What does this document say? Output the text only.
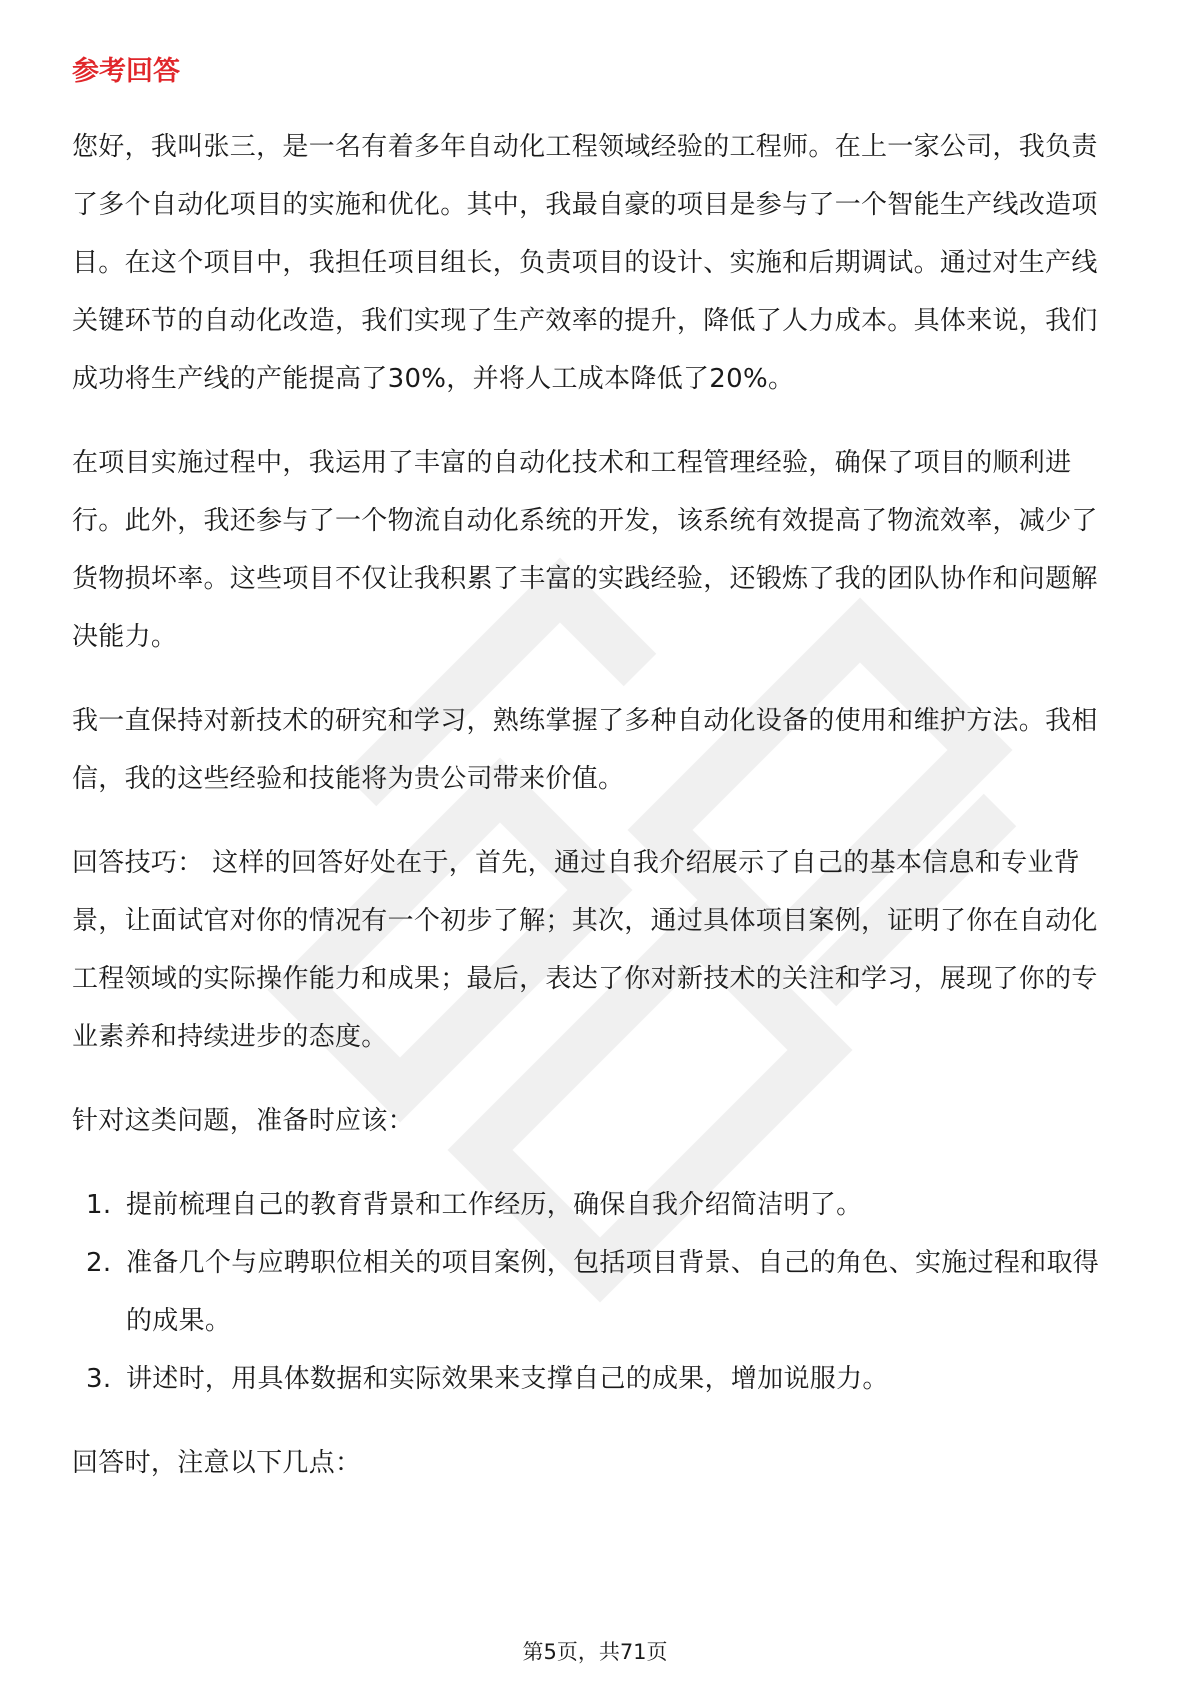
参考回答

您好，我叫张三，是一名有着多年自动化工程领域经验的工程师。在上一家公司，我负责了多个自动化项目的实施和优化。其中，我最自豪的项目是参与了一个智能生产线改造项目。在这个项目中，我担任项目组长，负责项目的设计、实施和后期调试。通过对生产线关键环节的自动化改造，我们实现了生产效率的提升，降低了人力成本。具体来说，我们成功将生产线的产能提高了30%，并将人工成本降低了20%。

在项目实施过程中，我运用了丰富的自动化技术和工程管理经验，确保了项目的顺利进行。此外，我还参与了一个物流自动化系统的开发，该系统有效提高了物流效率，减少了货物损坏率。这些项目不仅让我积累了丰富的实践经验，还锻炼了我的团队协作和问题解决能力。

我一直保持对新技术的研究和学习，熟练掌握了多种自动化设备的使用和维护方法。我相信，我的这些经验和技能将为贵公司带来价值。

回答技巧： 这样的回答好处在于，首先，通过自我介绍展示了自己的基本信息和专业背景，让面试官对你的情况有一个初步了解；其次，通过具体项目案例，证明了你在自动化工程领域的实际操作能力和成果；最后，表达了你对新技术的关注和学习，展现了你的专业素养和持续进步的态度。

针对这类问题，准备时应该：

1. 提前梳理自己的教育背景和工作经历，确保自我介绍简洁明了。
2. 准备几个与应聘职位相关的项目案例，包括项目背景、自己的角色、实施过程和取得的成果。
3. 讲述时，用具体数据和实际效果来支撑自己的成果，增加说服力。

回答时，注意以下几点：

第5页，共71页
